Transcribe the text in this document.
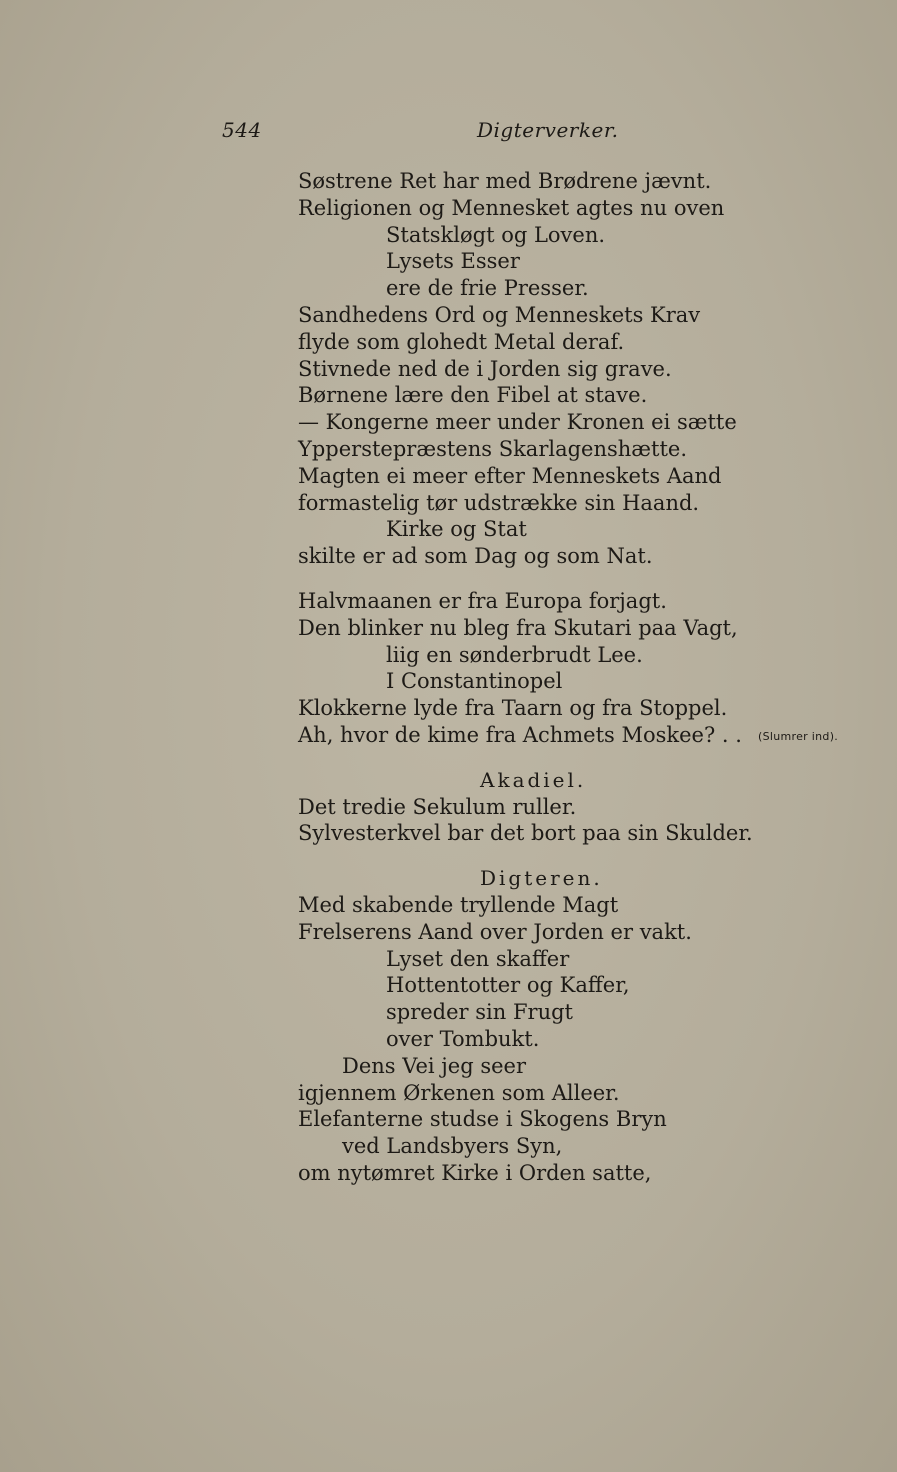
544	Digterverker.
Søstrene Ret har med Brødrene jævnt.
Religionen og Mennesket agtes nu oven
Statskløgt og Loven.
Lysets Esser
ere de frie Presser.
Sandhedens Ord og Menneskets Krav
flyde som glohedt Metal deraf.
Stivnede ned de i Jorden sig grave.
Børnene lære den Fibel at stave.
— Kongerne meer under Kronen ei sætte
Ypperstepræstens Skarlagenshætte.
Magten ei meer efter Menneskets Aand
formastelig tør udstrække sin Haand.
Kirke og Stat
skilte er ad som Dag og som Nat.
Halvmaanen er fra Europa forjagt.
Den blinker nu bleg fra Skutari paa Vagt,
liig en sønderbrudt Lee.
I Constantinopel
Klokkerne lyde fra Taarn og fra Stoppel.
Ah, hvor de kime fra Achmets Moskee? . . (Slumrer ind).
Akadiel.
Det tredie Sekulum ruller.
Sylvesterkvel bar det bort paa sin Skulder.
Digteren.
Med skabende tryllende Magt
Frelserens Aand over Jorden er vakt.
Lyset den skaffer
Hottentotter og Kaffer,
spreder sin Frugt
over Tombukt.
Dens Vei jeg seer
igjennem Ørkenen som Alleer.
Elefanterne studse i Skogens Bryn
ved Landsbyers Syn,
om nytømret Kirke i Orden satte,
